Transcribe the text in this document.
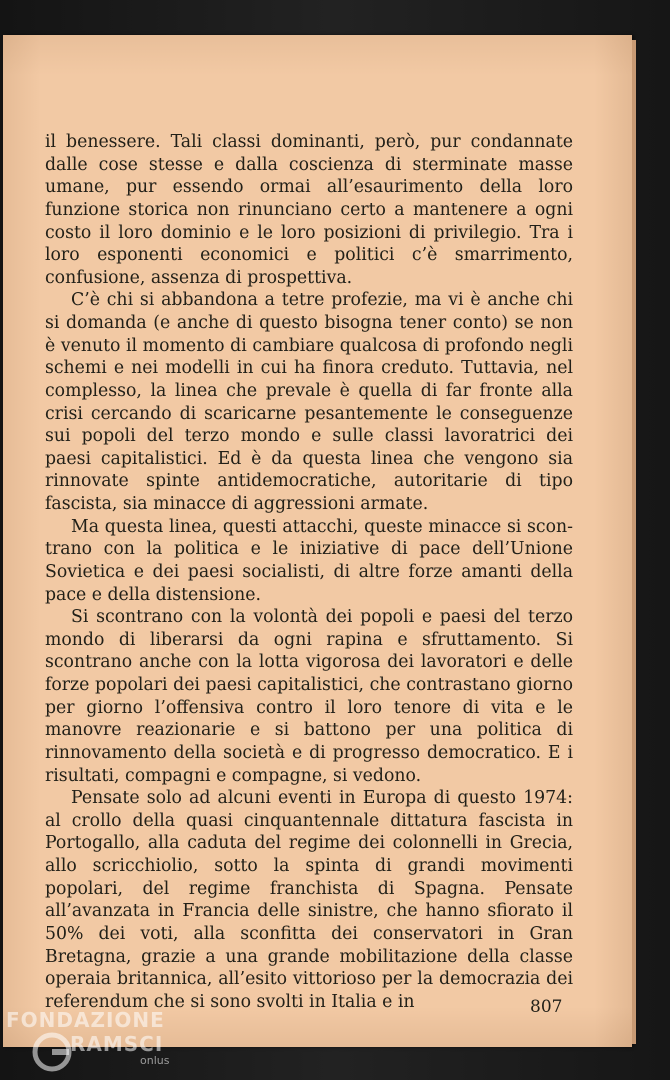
il benessere. Tali classi dominanti, però, pur condannate dalle cose stesse e dalla coscienza di sterminate masse umane, pur essendo ormai all’esaurimento della loro funzione storica non rinunciano certo a mantenere a ogni costo il loro dominio e le loro posizioni di privilegio. Tra i loro esponenti economici e politici c’è smarrimento, confusione, assenza di prospettiva.

C’è chi si abbandona a tetre profezie, ma vi è anche chi si domanda (e anche di questo bisogna tener conto) se non è venuto il momento di cambiare qualcosa di profondo negli schemi e nei modelli in cui ha finora creduto. Tuttavia, nel complesso, la linea che prevale è quella di far fronte alla crisi cercando di scaricarne pesantemente le conseguenze sui popoli del terzo mondo e sulle classi lavoratrici dei paesi capitalistici. Ed è da questa linea che vengono sia rinnovate spinte antidemocratiche, autoritarie di tipo fascista, sia minacce di aggressioni armate.

Ma questa linea, questi attacchi, queste minacce si scontrano con la politica e le iniziative di pace dell’Unione Sovietica e dei paesi socialisti, di altre forze amanti della pace e della distensione.

Si scontrano con la volontà dei popoli e paesi del terzo mondo di liberarsi da ogni rapina e sfruttamento. Si scontrano anche con la lotta vigorosa dei lavoratori e delle forze popolari dei paesi capitalistici, che contrastano giorno per giorno l’offensiva contro il loro tenore di vita e le manovre reazionarie e si battono per una politica di rinnovamento della società e di progresso democratico. E i risultati, compagni e compagne, si vedono.

Pensate solo ad alcuni eventi in Europa di questo 1974: al crollo della quasi cinquantennale dittatura fascista in Portogallo, alla caduta del regime dei colonnelli in Grecia, allo scricchiolio, sotto la spinta di grandi movimenti popolari, del regime franchista di Spagna. Pensate all’avanzata in Francia delle sinistre, che hanno sfiorato il 50% dei voti, alla sconfitta dei conservatori in Gran Bretagna, grazie a una grande mobilitazione della classe operaia britannica, all’esito vittorioso per la democrazia dei referendum che si sono svolti in Italia e in	807
FONDAZIONE
RAMSCI
onlus
